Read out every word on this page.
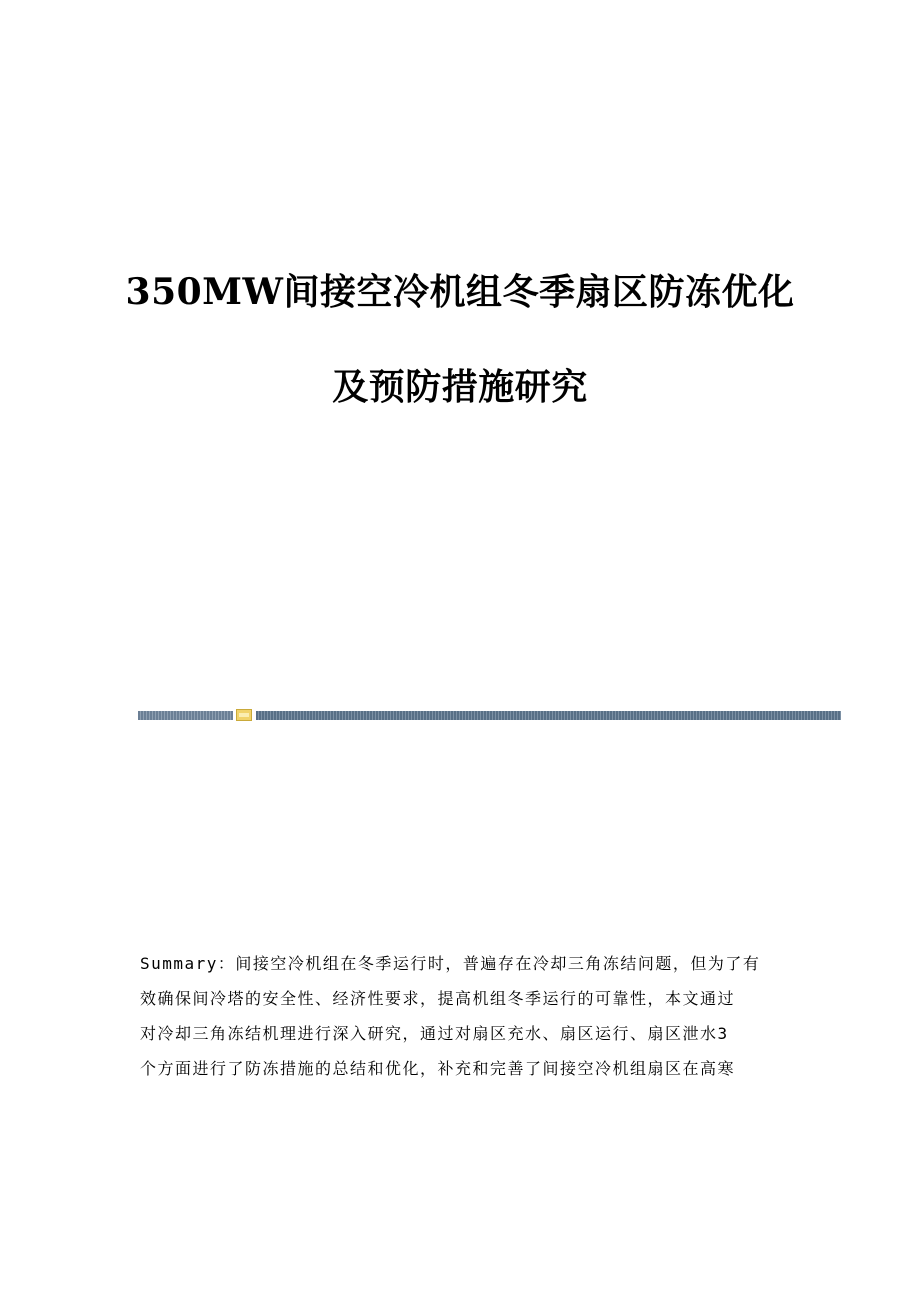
350MW间接空冷机组冬季扇区防冻优化
及预防措施研究
Summary：间接空冷机组在冬季运行时，普遍存在冷却三角冻结问题，但为了有
效确保间冷塔的安全性、经济性要求，提高机组冬季运行的可靠性，本文通过
对冷却三角冻结机理进行深入研究，通过对扇区充水、扇区运行、扇区泄水3
个方面进行了防冻措施的总结和优化，补充和完善了间接空冷机组扇区在高寒
